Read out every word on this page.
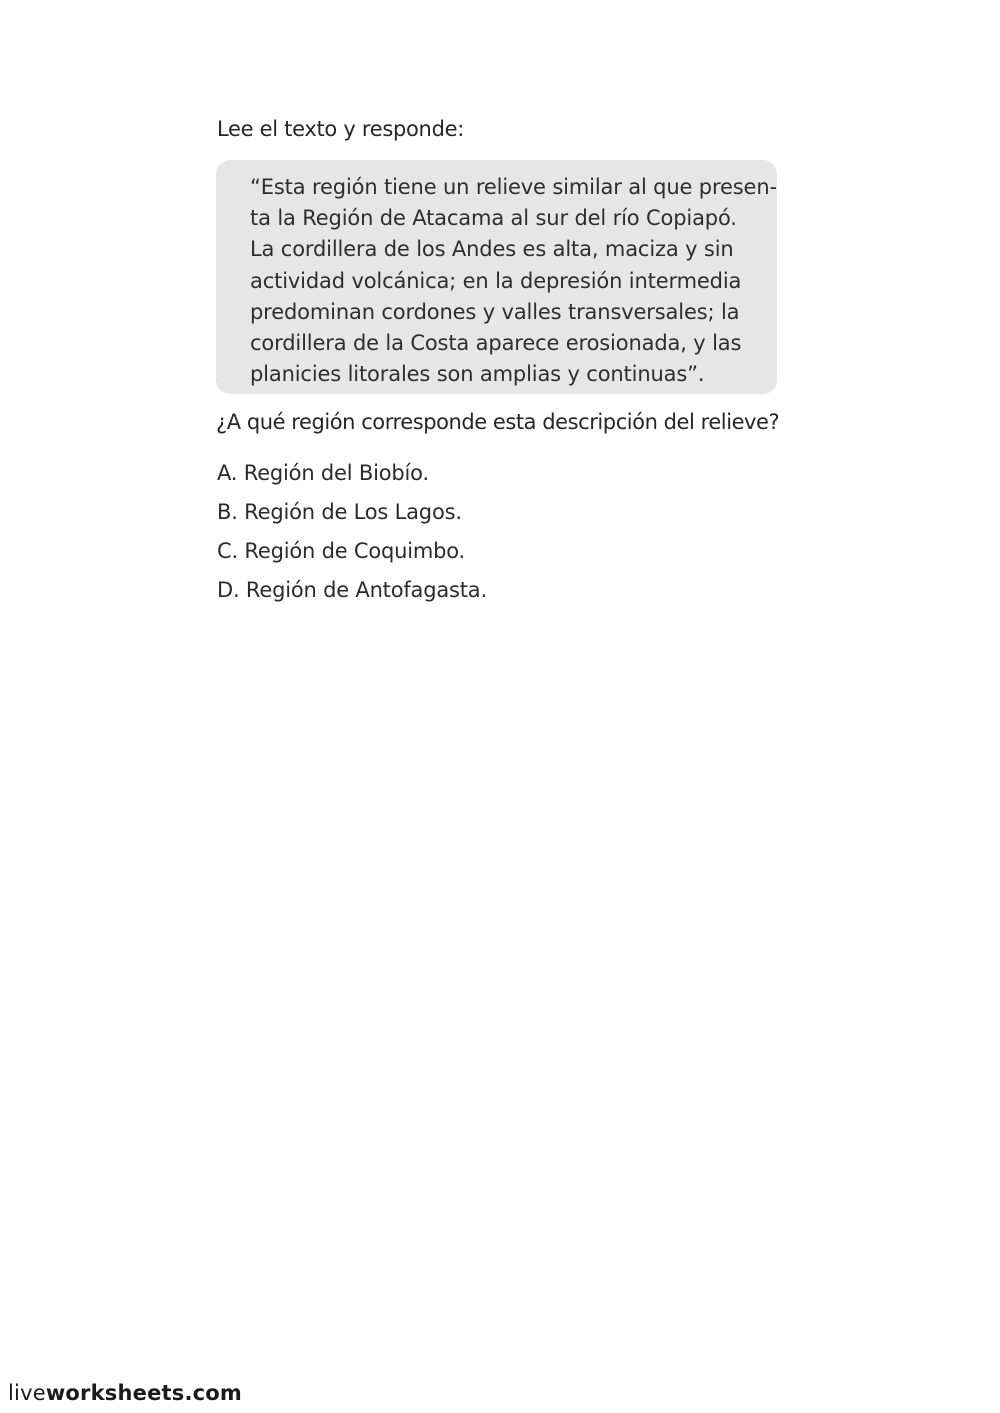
Lee el texto y responde:
“Esta región tiene un relieve similar al que presen-
ta la Región de Atacama al sur del río Copiapó.
La cordillera de los Andes es alta, maciza y sin
actividad volcánica; en la depresión intermedia
predominan cordones y valles transversales; la
cordillera de la Costa aparece erosionada, y las
planicies litorales son amplias y continuas”.
¿A qué región corresponde esta descripción del relieve?
A. Región del Biobío.
B. Región de Los Lagos.
C. Región de Coquimbo.
D. Región de Antofagasta.
liveworksheets.com
